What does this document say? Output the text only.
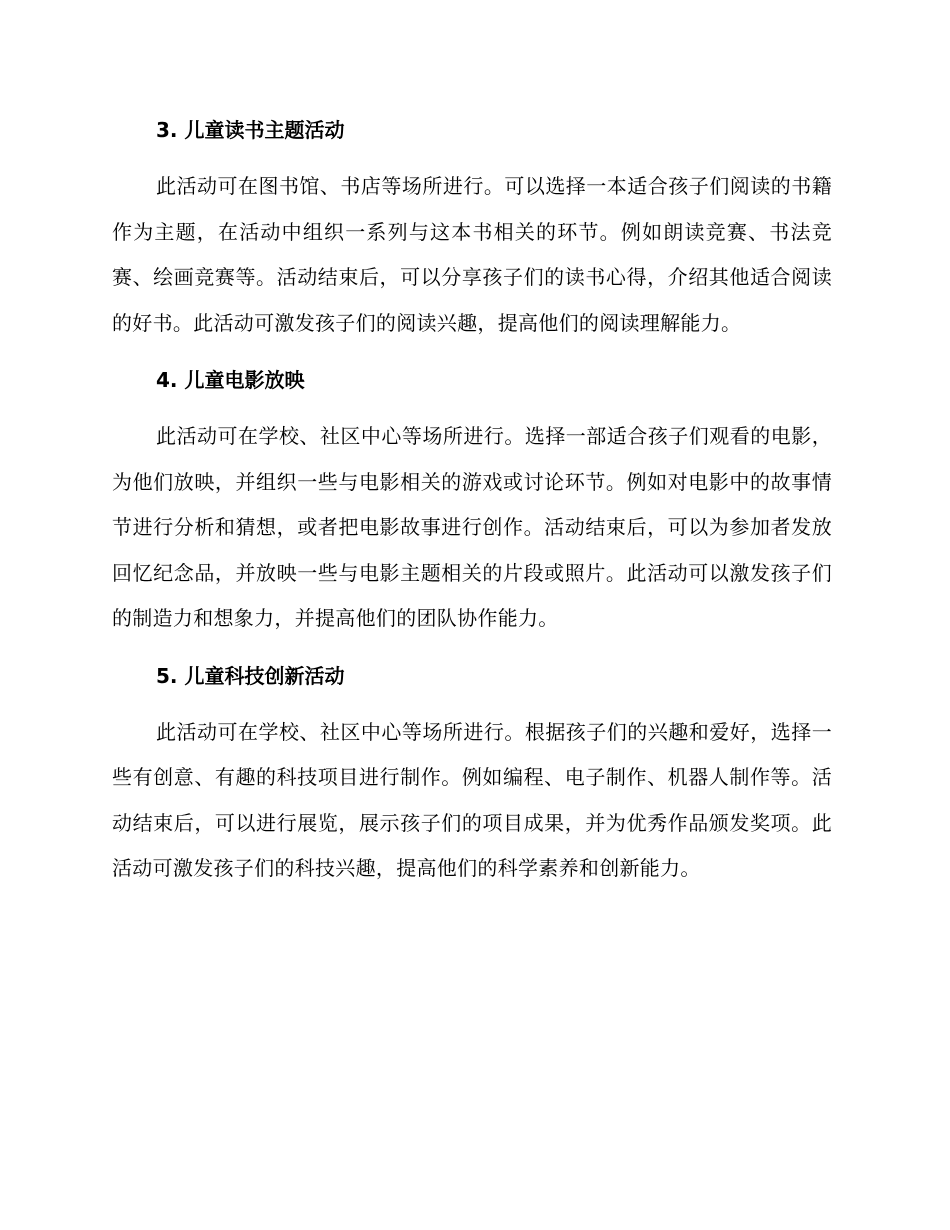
3. 儿童读书主题活动

此活动可在图书馆、书店等场所进行。可以选择一本适合孩子们阅读的书籍作为主题，在活动中组织一系列与这本书相关的环节。例如朗读竞赛、书法竞赛、绘画竞赛等。活动结束后，可以分享孩子们的读书心得，介绍其他适合阅读的好书。此活动可激发孩子们的阅读兴趣，提高他们的阅读理解能力。

4. 儿童电影放映

此活动可在学校、社区中心等场所进行。选择一部适合孩子们观看的电影，为他们放映，并组织一些与电影相关的游戏或讨论环节。例如对电影中的故事情节进行分析和猜想，或者把电影故事进行创作。活动结束后，可以为参加者发放回忆纪念品，并放映一些与电影主题相关的片段或照片。此活动可以激发孩子们的制造力和想象力，并提高他们的团队协作能力。

5. 儿童科技创新活动

此活动可在学校、社区中心等场所进行。根据孩子们的兴趣和爱好，选择一些有创意、有趣的科技项目进行制作。例如编程、电子制作、机器人制作等。活动结束后，可以进行展览，展示孩子们的项目成果，并为优秀作品颁发奖项。此活动可激发孩子们的科技兴趣，提高他们的科学素养和创新能力。
